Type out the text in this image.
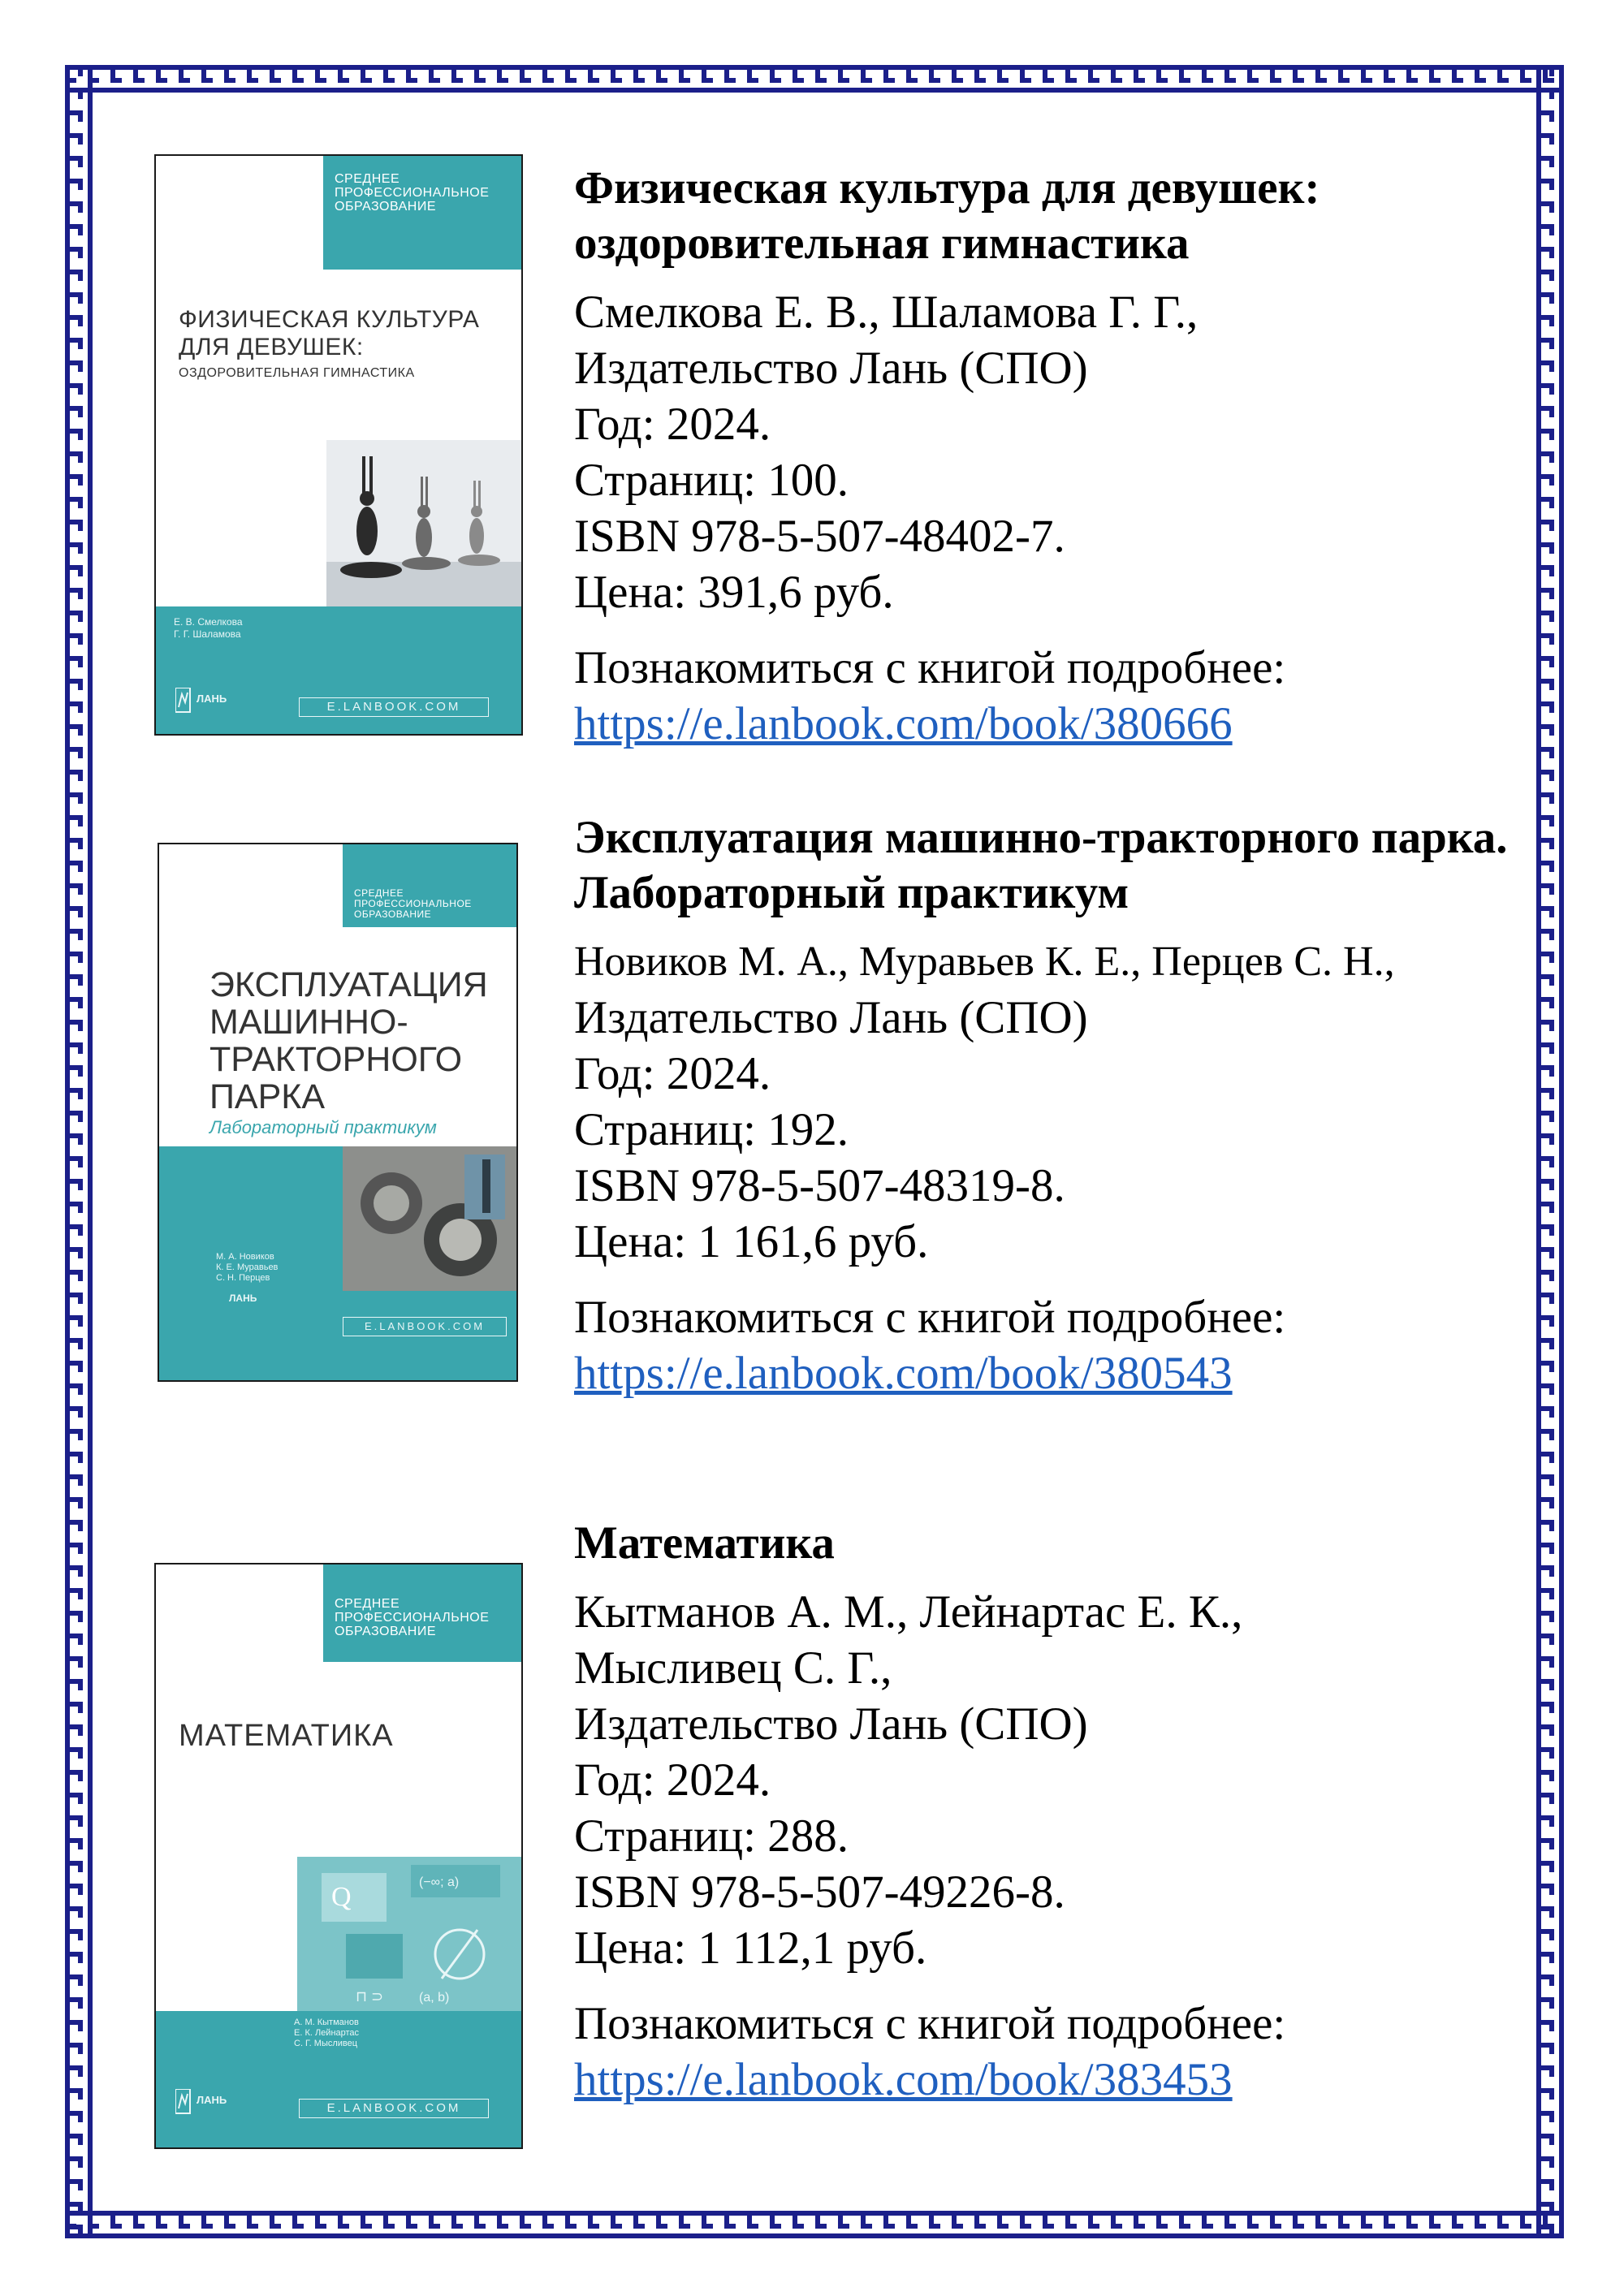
СРЕДНЕЕ ПРОФЕССИОНАЛЬНОЕ ОБРАЗОВАНИЕ
ФИЗИЧЕСКАЯ КУЛЬТУРА ДЛЯ ДЕВУШЕК:
ОЗДОРОВИТЕЛЬНАЯ ГИМНАСТИКА
Е. В. Смелкова
Г. Г. Шаламова
ЛАНЬ
E.LANBOOK.COM
Физическая культура для девушек: оздоровительная гимнастика
Смелкова Е. В., Шаламова Г. Г.,
Издательство Лань (СПО)
Год: 2024.
Страниц: 100.
ISBN 978-5-507-48402-7.
Цена: 391,6 руб.
Познакомиться с книгой подробнее:
https://e.lanbook.com/book/380666
СРЕДНЕЕ ПРОФЕССИОНАЛЬНОЕ ОБРАЗОВАНИЕ
ЭКСПЛУАТАЦИЯ МАШИННО- ТРАКТОРНОГО ПАРКА
Лабораторный практикум
М. А. Новиков
К. Е. Муравьев
С. Н. Перцев
ЛАНЬ
E.LANBOOK.COM
Эксплуатация машинно-тракторного парка. Лабораторный практикум
Новиков М. А., Муравьев К. Е., Перцев С. Н.,
Издательство Лань (СПО)
Год: 2024.
Страниц: 192.
ISBN 978-5-507-48319-8.
Цена: 1 161,6 руб.
Познакомиться с книгой подробнее:
https://e.lanbook.com/book/380543
СРЕДНЕЕ ПРОФЕССИОНАЛЬНОЕ ОБРАЗОВАНИЕ
МАТЕМАТИКА
(−∞; a)
(a, b)
Q
⊓ ⊃
А. М. Кытманов
Е. К. Лейнартас
С. Г. Мысливец
ЛАНЬ
E.LANBOOK.COM
Математика
Кытманов А. М., Лейнартас Е. К.,
Мысливец С. Г.,
Издательство Лань (СПО)
Год: 2024.
Страниц: 288.
ISBN 978-5-507-49226-8.
Цена: 1 112,1 руб.
Познакомиться с книгой подробнее:
https://e.lanbook.com/book/383453
